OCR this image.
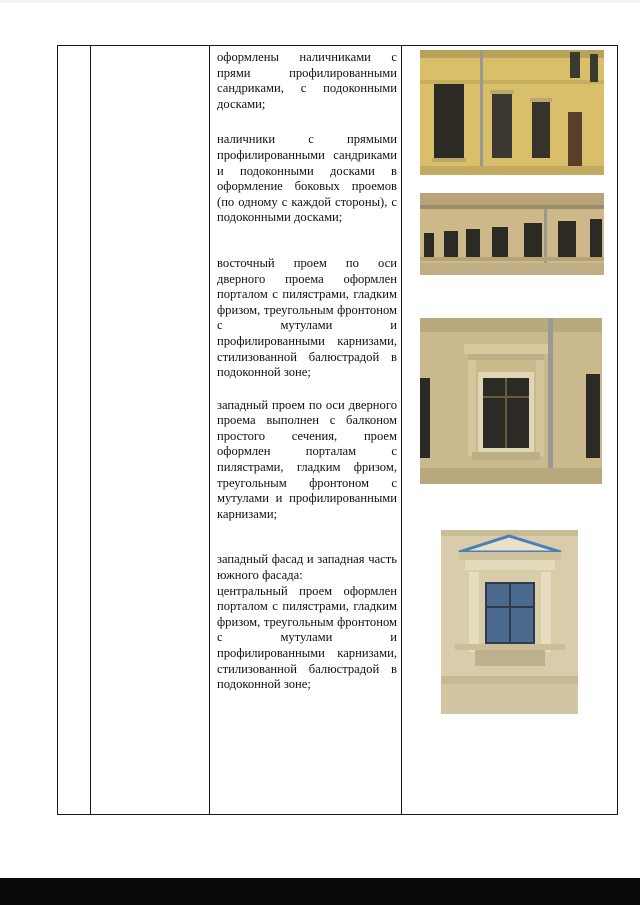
оформлены наличниками с прями профилированными сандриками, с подоконными досками;

наличники с прямыми профилированными сандриками и подоконными досками в оформление боковых проемов (по одному с каждой стороны), с подоконными досками;

восточный проем по оси дверного проема оформлен порталом с пилястрами, гладким фризом, треугольным фронтоном с мутулами и профилированными карнизами, стилизованной балюстрадой в подоконной зоне;

западный проем по оси дверного проема выполнен с балконом простого сечения, проем оформлен порталам с пилястрами, гладким фризом, треугольным фронтоном с мутулами и профилированными карнизами;

западный фасад и западная часть южного фасада:

центральный проем оформлен порталом с пилястрами, гладким фризом, треугольным фронтоном с мутулами и профилированными карнизами, стилизованной балюстрадой в подоконной зоне;
